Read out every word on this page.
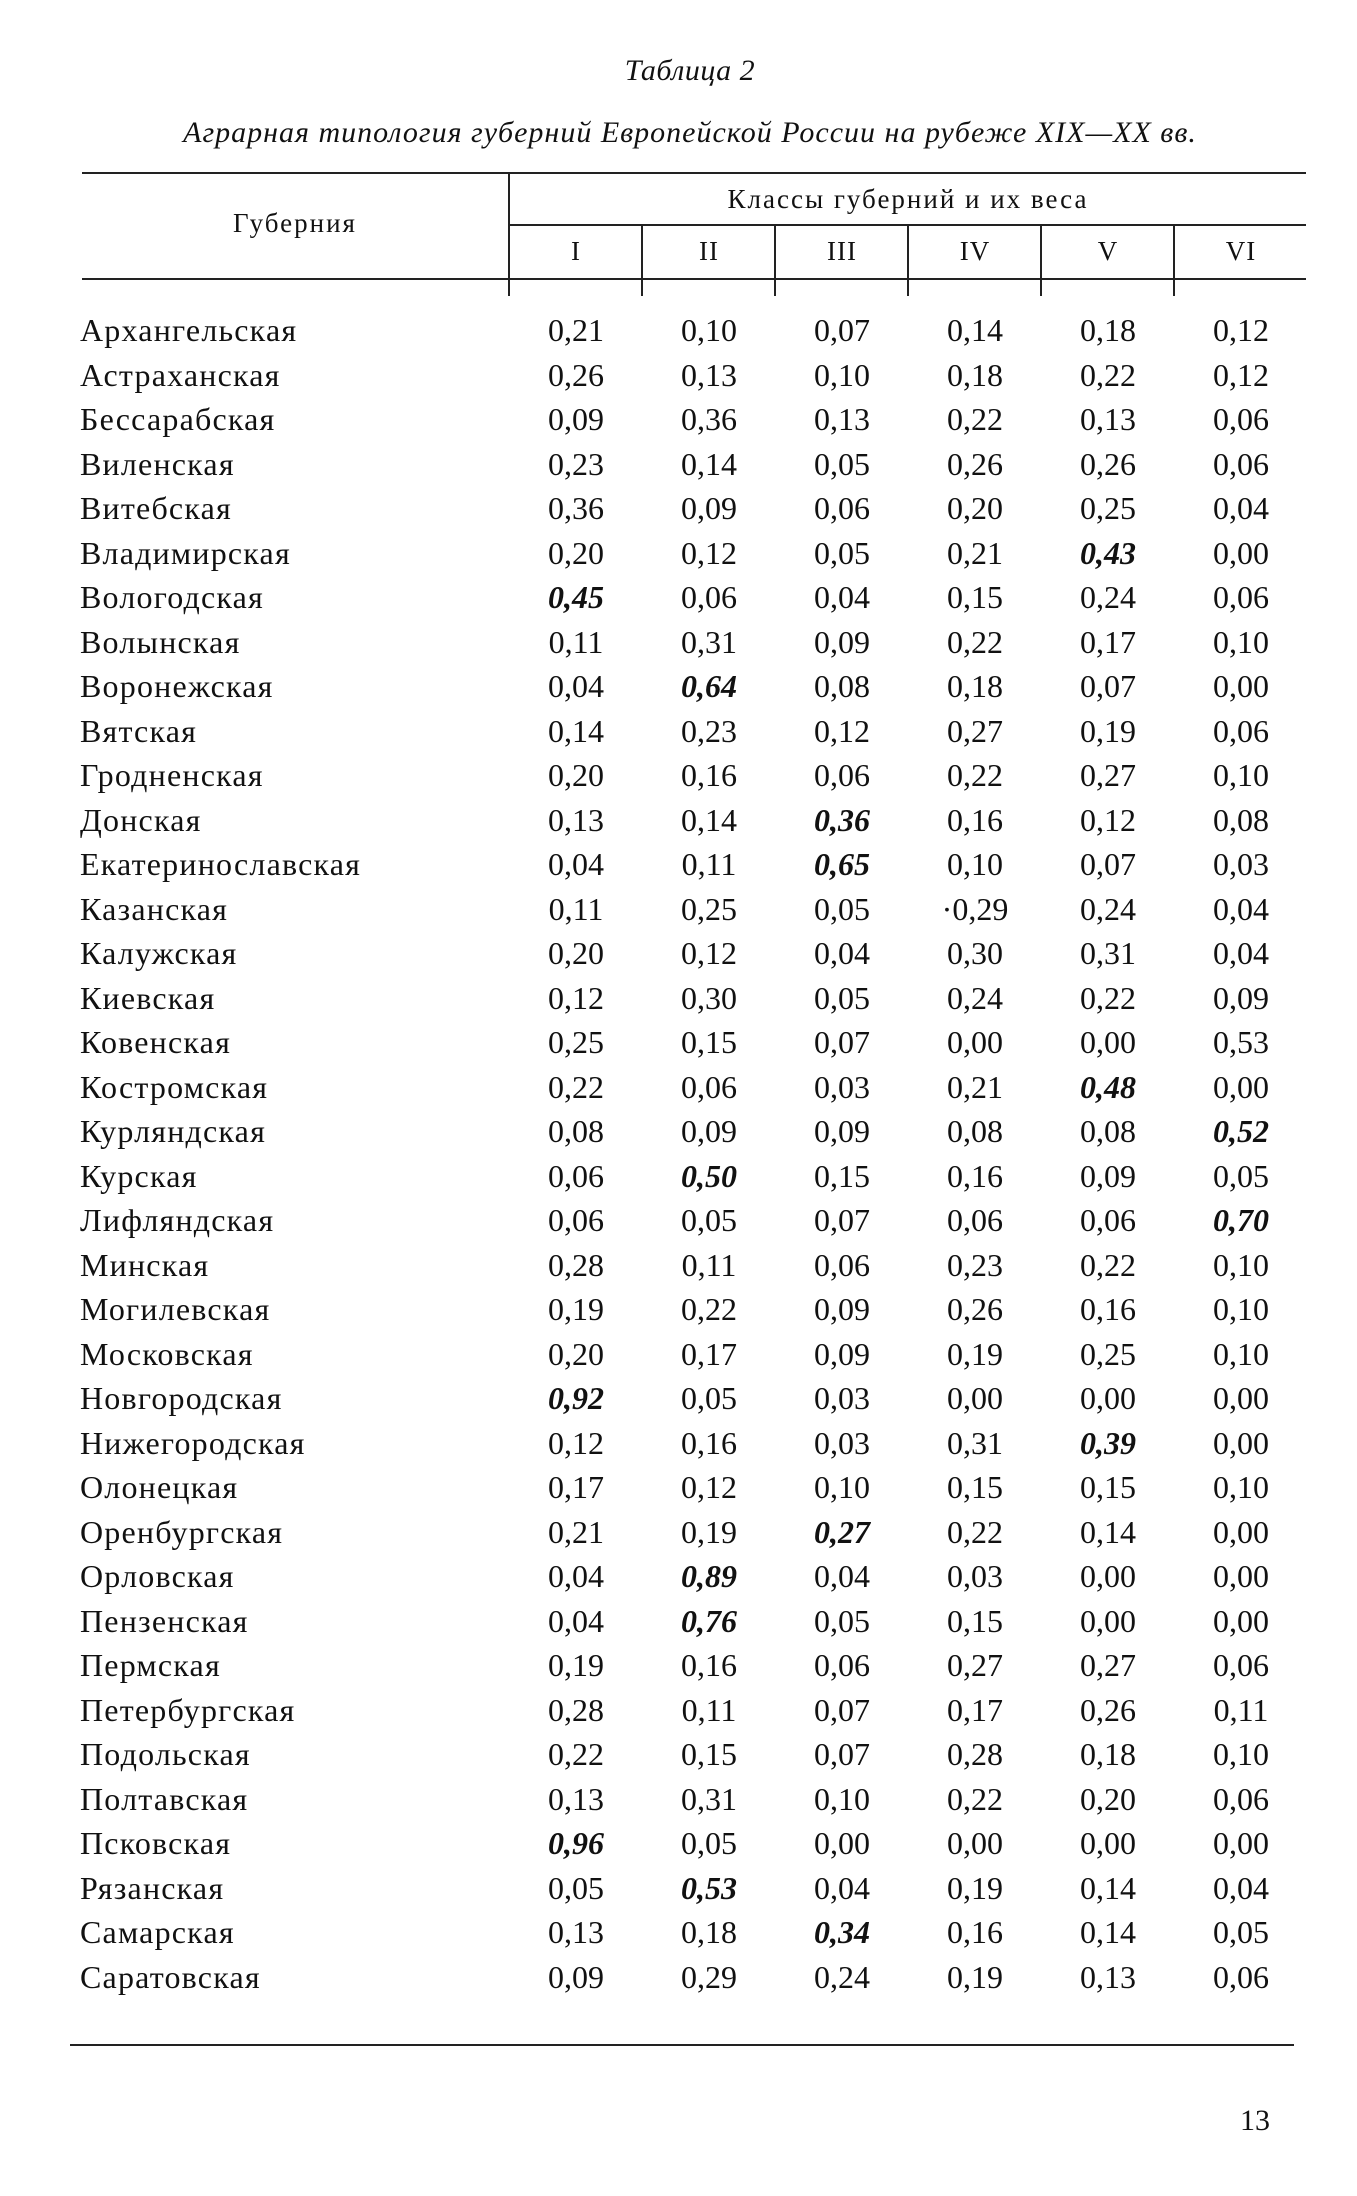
Таблица 2
Аграрная типология губерний Европейской России на рубеже XIX—XX вв.
Губерния
Классы губерний и их веса
I	II	III	IV	V	VI
Архангельская	0,21	0,10	0,07	0,14	0,18	0,12
Астраханская	0,26	0,13	0,10	0,18	0,22	0,12
Бессарабская	0,09	0,36	0,13	0,22	0,13	0,06
Виленская	0,23	0,14	0,05	0,26	0,26	0,06
Витебская	0,36	0,09	0,06	0,20	0,25	0,04
Владимирская	0,20	0,12	0,05	0,21	0,43	0,00
Вологодская	0,45	0,06	0,04	0,15	0,24	0,06
Волынская	0,11	0,31	0,09	0,22	0,17	0,10
Воронежская	0,04	0,64	0,08	0,18	0,07	0,00
Вятская	0,14	0,23	0,12	0,27	0,19	0,06
Гродненская	0,20	0,16	0,06	0,22	0,27	0,10
Донская	0,13	0,14	0,36	0,16	0,12	0,08
Екатеринославская	0,04	0,11	0,65	0,10	0,07	0,03
Казанская	0,11	0,25	0,05	·0,29	0,24	0,04
Калужская	0,20	0,12	0,04	0,30	0,31	0,04
Киевская	0,12	0,30	0,05	0,24	0,22	0,09
Ковенская	0,25	0,15	0,07	0,00	0,00	0,53
Костромская	0,22	0,06	0,03	0,21	0,48	0,00
Курляндская	0,08	0,09	0,09	0,08	0,08	0,52
Курская	0,06	0,50	0,15	0,16	0,09	0,05
Лифляндская	0,06	0,05	0,07	0,06	0,06	0,70
Минская	0,28	0,11	0,06	0,23	0,22	0,10
Могилевская	0,19	0,22	0,09	0,26	0,16	0,10
Московская	0,20	0,17	0,09	0,19	0,25	0,10
Новгородская	0,92	0,05	0,03	0,00	0,00	0,00
Нижегородская	0,12	0,16	0,03	0,31	0,39	0,00
Олонецкая	0,17	0,12	0,10	0,15	0,15	0,10
Оренбургская	0,21	0,19	0,27	0,22	0,14	0,00
Орловская	0,04	0,89	0,04	0,03	0,00	0,00
Пензенская	0,04	0,76	0,05	0,15	0,00	0,00
Пермская	0,19	0,16	0,06	0,27	0,27	0,06
Петербургская	0,28	0,11	0,07	0,17	0,26	0,11
Подольская	0,22	0,15	0,07	0,28	0,18	0,10
Полтавская	0,13	0,31	0,10	0,22	0,20	0,06
Псковская	0,96	0,05	0,00	0,00	0,00	0,00
Рязанская	0,05	0,53	0,04	0,19	0,14	0,04
Самарская	0,13	0,18	0,34	0,16	0,14	0,05
Саратовская	0,09	0,29	0,24	0,19	0,13	0,06
13
